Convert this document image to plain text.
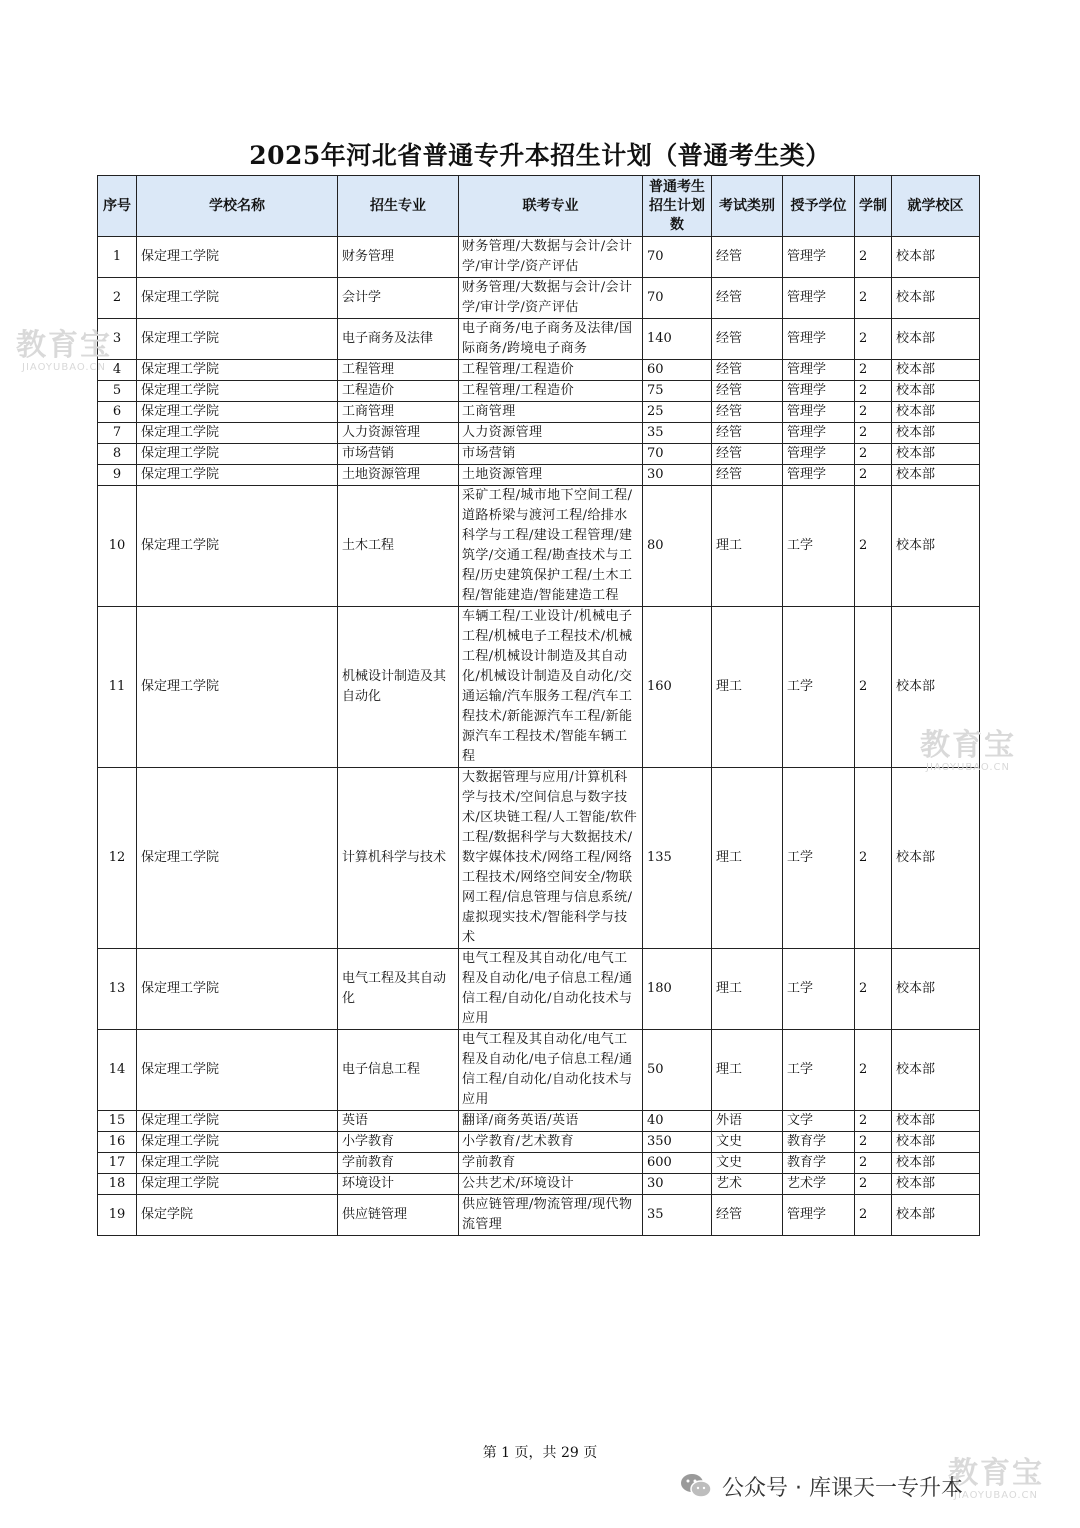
2025年河北省普通专升本招生计划（普通考生类）
序号	学校名称	招生专业	联考专业	普通考生招生计划数	考试类别	授予学位	学制	就学校区
1	保定理工学院	财务管理	财务管理/大数据与会计/会计学/审计学/资产评估	70	经管	管理学	2	校本部
2	保定理工学院	会计学	财务管理/大数据与会计/会计学/审计学/资产评估	70	经管	管理学	2	校本部
3	保定理工学院	电子商务及法律	电子商务/电子商务及法律/国际商务/跨境电子商务	140	经管	管理学	2	校本部
4	保定理工学院	工程管理	工程管理/工程造价	60	经管	管理学	2	校本部
5	保定理工学院	工程造价	工程管理/工程造价	75	经管	管理学	2	校本部
6	保定理工学院	工商管理	工商管理	25	经管	管理学	2	校本部
7	保定理工学院	人力资源管理	人力资源管理	35	经管	管理学	2	校本部
8	保定理工学院	市场营销	市场营销	70	经管	管理学	2	校本部
9	保定理工学院	土地资源管理	土地资源管理	30	经管	管理学	2	校本部
10	保定理工学院	土木工程	采矿工程/城市地下空间工程/道路桥梁与渡河工程/给排水科学与工程/建设工程管理/建筑学/交通工程/勘查技术与工程/历史建筑保护工程/土木工程/智能建造/智能建造工程	80	理工	工学	2	校本部
11	保定理工学院	机械设计制造及其自动化	车辆工程/工业设计/机械电子工程/机械电子工程技术/机械工程/机械设计制造及其自动化/机械设计制造及自动化/交通运输/汽车服务工程/汽车工程技术/新能源汽车工程/新能源汽车工程技术/智能车辆工程	160	理工	工学	2	校本部
12	保定理工学院	计算机科学与技术	大数据管理与应用/计算机科学与技术/空间信息与数字技术/区块链工程/人工智能/软件工程/数据科学与大数据技术/数字媒体技术/网络工程/网络工程技术/网络空间安全/物联网工程/信息管理与信息系统/虚拟现实技术/智能科学与技术	135	理工	工学	2	校本部
13	保定理工学院	电气工程及其自动化	电气工程及其自动化/电气工程及自动化/电子信息工程/通信工程/自动化/自动化技术与应用	180	理工	工学	2	校本部
14	保定理工学院	电子信息工程	电气工程及其自动化/电气工程及自动化/电子信息工程/通信工程/自动化/自动化技术与应用	50	理工	工学	2	校本部
15	保定理工学院	英语	翻译/商务英语/英语	40	外语	文学	2	校本部
16	保定理工学院	小学教育	小学教育/艺术教育	350	文史	教育学	2	校本部
17	保定理工学院	学前教育	学前教育	600	文史	教育学	2	校本部
18	保定理工学院	环境设计	公共艺术/环境设计	30	艺术	艺术学	2	校本部
19	保定学院	供应链管理	供应链管理/物流管理/现代物流管理	35	经管	管理学	2	校本部
第 1 页，共 29 页
教育宝
JIAOYUBAO.CN
教育宝
JIAOYUBAO.CN
教育宝
JIAOYUBAO.CN
公众号 · 库课天一专升本
